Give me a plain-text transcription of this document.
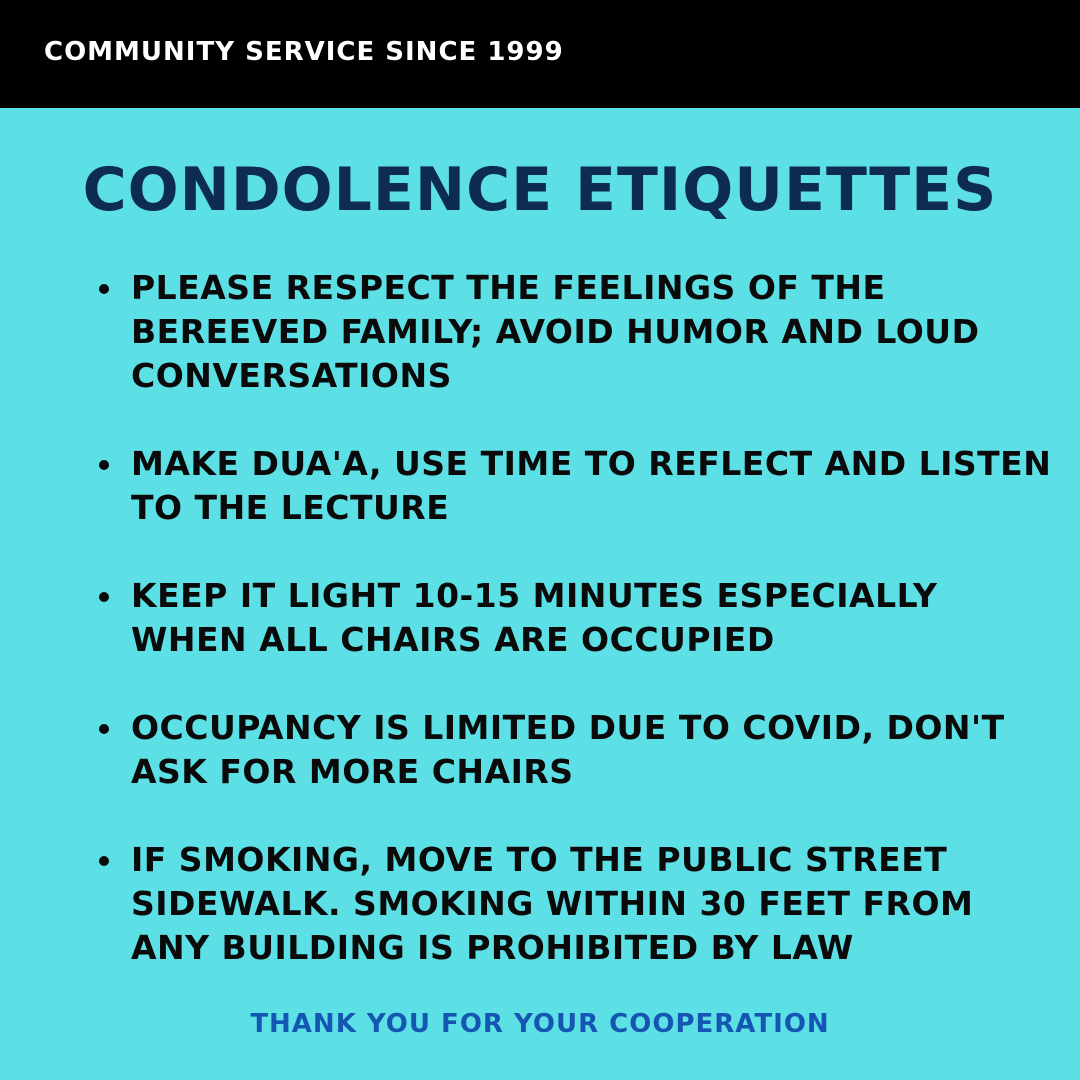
COMMUNITY SERVICE SINCE 1999
CONDOLENCE ETIQUETTES
PLEASE RESPECT THE FEELINGS OF THE BEREEVED FAMILY; AVOID HUMOR AND LOUD CONVERSATIONS
MAKE DUA'A, USE TIME TO REFLECT AND LISTEN TO THE LECTURE
KEEP IT LIGHT 10-15 MINUTES ESPECIALLY WHEN ALL CHAIRS ARE OCCUPIED
OCCUPANCY IS LIMITED DUE TO COVID, DON'T ASK FOR MORE CHAIRS
IF SMOKING, MOVE TO THE PUBLIC STREET SIDEWALK. SMOKING WITHIN 30 FEET FROM ANY BUILDING IS PROHIBITED BY LAW
THANK YOU FOR YOUR COOPERATION
